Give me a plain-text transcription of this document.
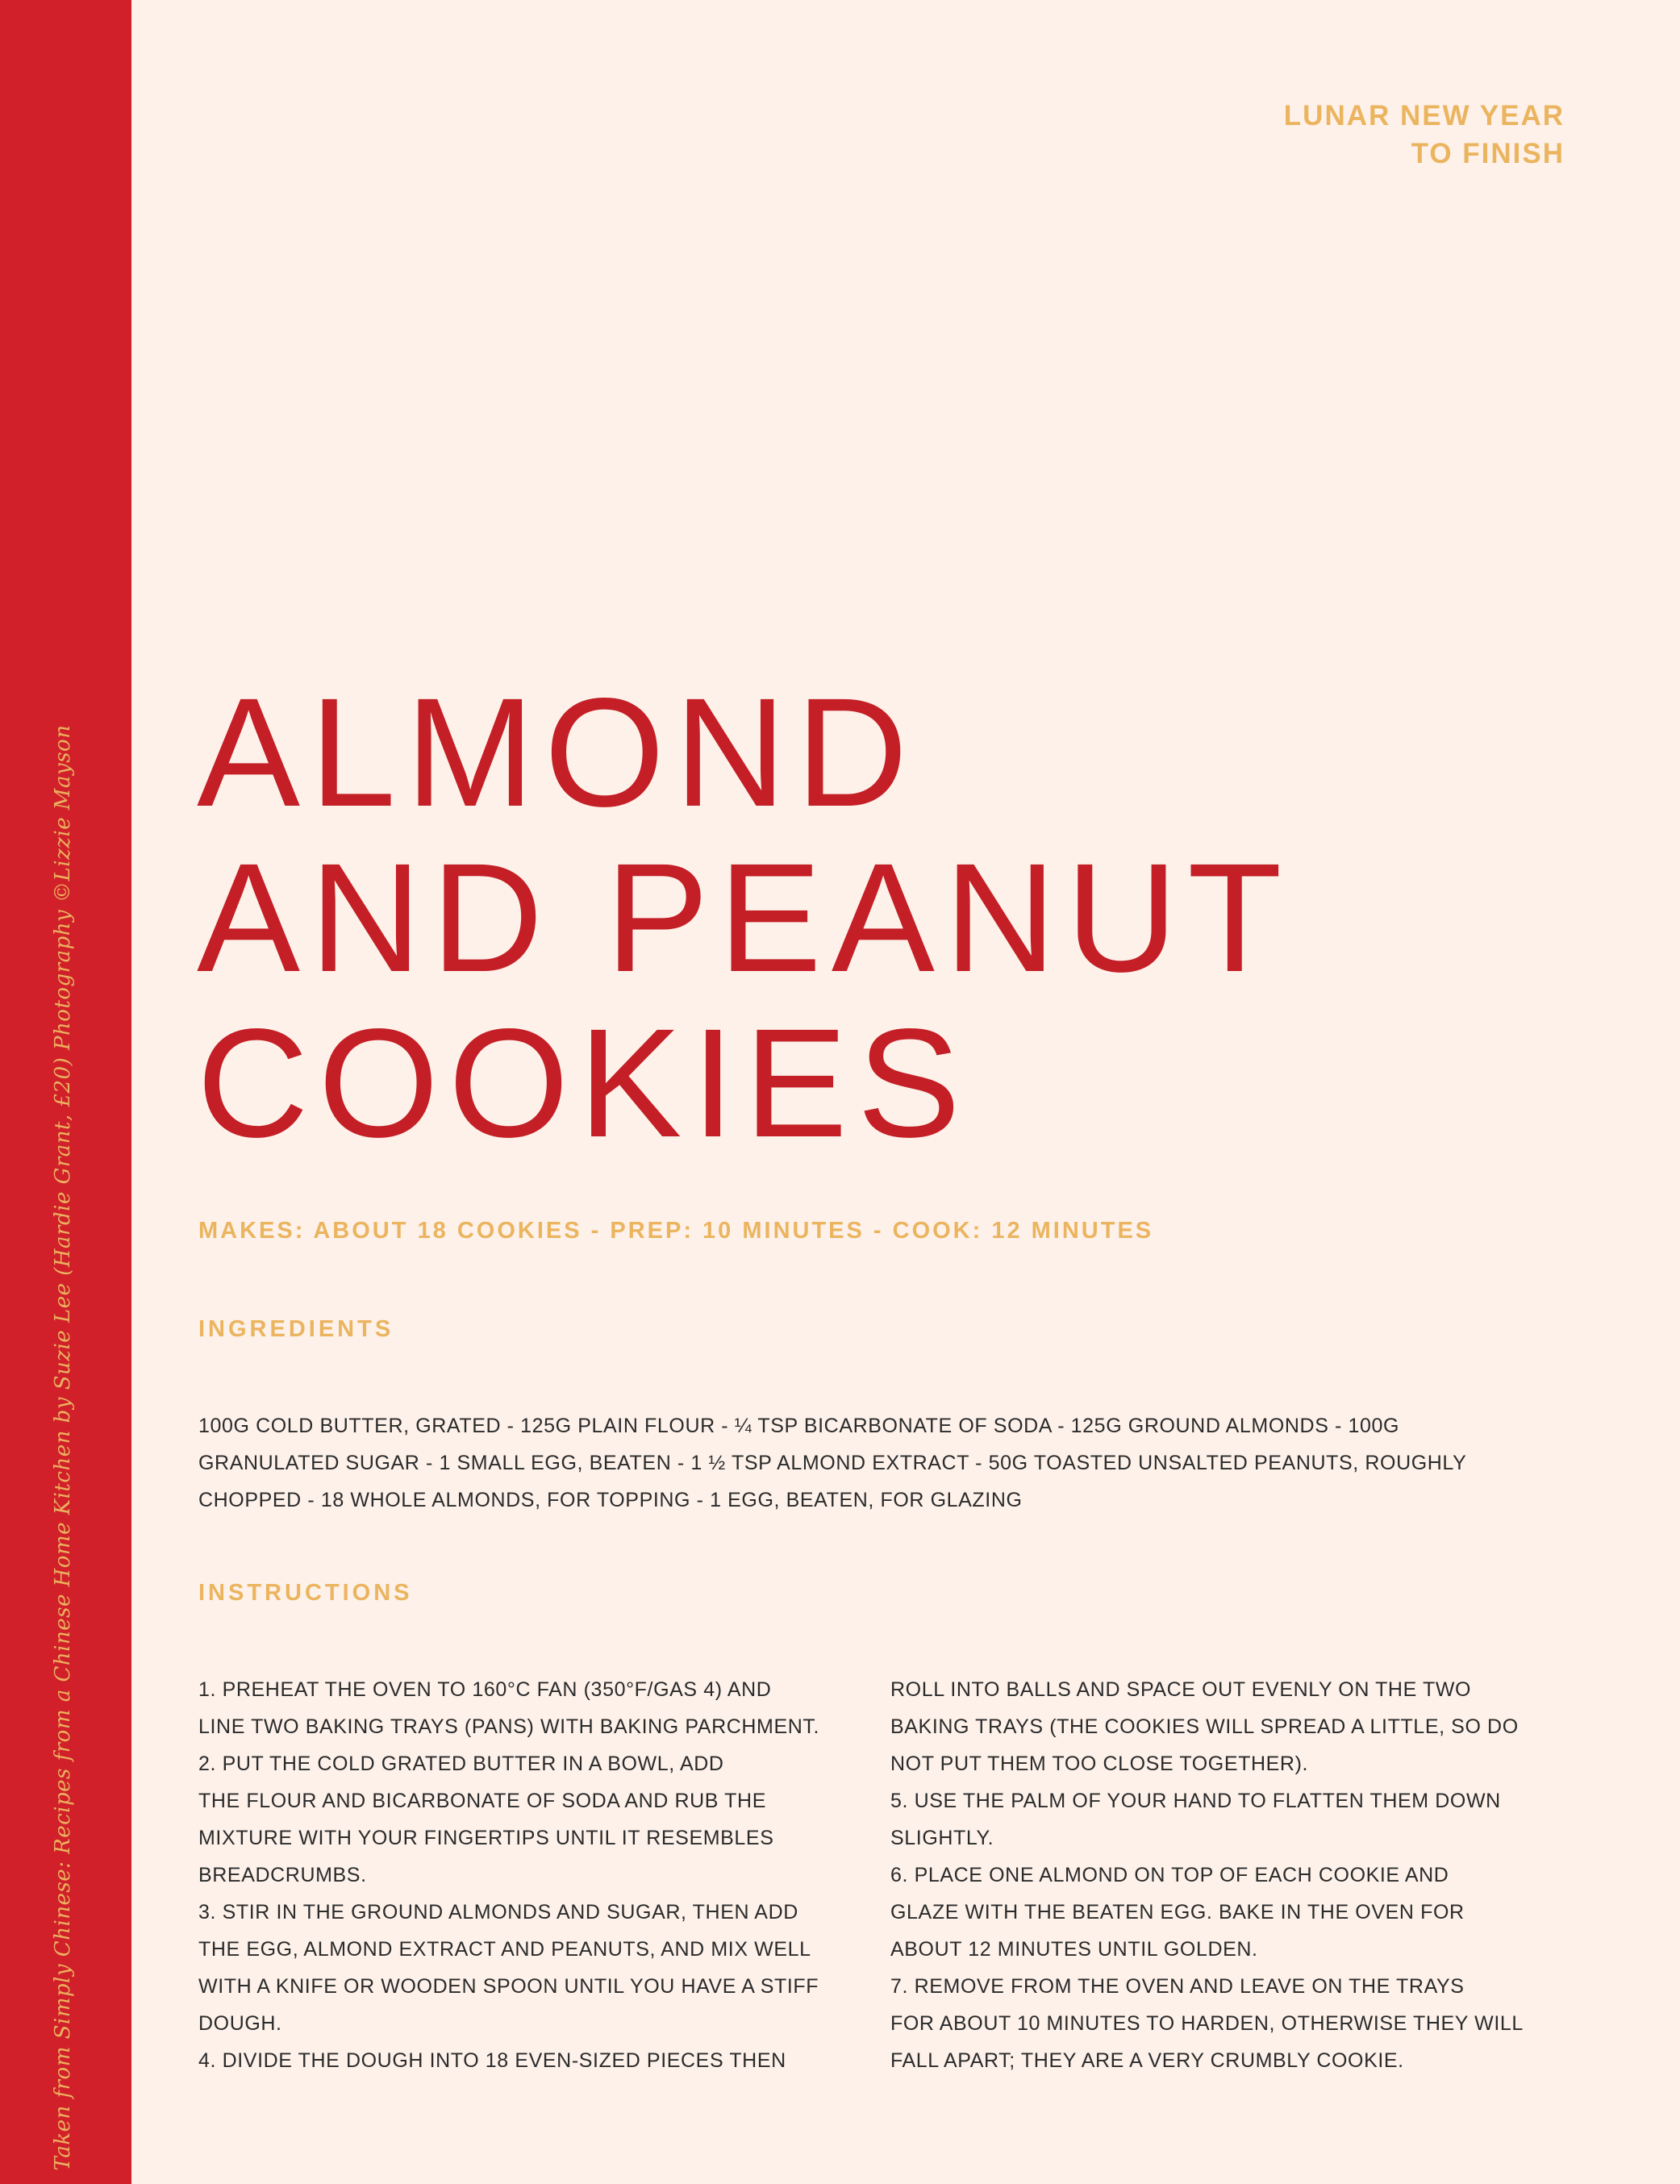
Taken from Simply Chinese: Recipes from a Chinese Home Kitchen by Suzie Lee (Hardie Grant, £20) Photography ©Lizzie Mayson
LUNAR NEW YEAR
TO FINISH
ALMOND
AND PEANUT
COOKIES
MAKES: ABOUT 18 COOKIES - PREP: 10 MINUTES - COOK: 12 MINUTES
INGREDIENTS
100G COLD BUTTER, GRATED - 125G PLAIN FLOUR - ¼ TSP BICARBONATE OF SODA - 125G GROUND ALMONDS - 100G
GRANULATED SUGAR - 1 SMALL EGG, BEATEN - 1 ½ TSP ALMOND EXTRACT - 50G TOASTED UNSALTED PEANUTS, ROUGHLY
CHOPPED - 18 WHOLE ALMONDS, FOR TOPPING - 1 EGG, BEATEN, FOR GLAZING
INSTRUCTIONS
1. PREHEAT THE OVEN TO 160°C FAN (350°F/GAS 4) AND
LINE TWO BAKING TRAYS (PANS) WITH BAKING PARCHMENT.
2. PUT THE COLD GRATED BUTTER IN A BOWL, ADD
THE FLOUR AND BICARBONATE OF SODA AND RUB THE
MIXTURE WITH YOUR FINGERTIPS UNTIL IT RESEMBLES
BREADCRUMBS.
3. STIR IN THE GROUND ALMONDS AND SUGAR, THEN ADD
THE EGG, ALMOND EXTRACT AND PEANUTS, AND MIX WELL
WITH A KNIFE OR WOODEN SPOON UNTIL YOU HAVE A STIFF
DOUGH.
4. DIVIDE THE DOUGH INTO 18 EVEN-SIZED PIECES THEN
ROLL INTO BALLS AND SPACE OUT EVENLY ON THE TWO
BAKING TRAYS (THE COOKIES WILL SPREAD A LITTLE, SO DO
NOT PUT THEM TOO CLOSE TOGETHER).
5. USE THE PALM OF YOUR HAND TO FLATTEN THEM DOWN
SLIGHTLY.
6. PLACE ONE ALMOND ON TOP OF EACH COOKIE AND
GLAZE WITH THE BEATEN EGG. BAKE IN THE OVEN FOR
ABOUT 12 MINUTES UNTIL GOLDEN.
7. REMOVE FROM THE OVEN AND LEAVE ON THE TRAYS
FOR ABOUT 10 MINUTES TO HARDEN, OTHERWISE THEY WILL
FALL APART; THEY ARE A VERY CRUMBLY COOKIE.
